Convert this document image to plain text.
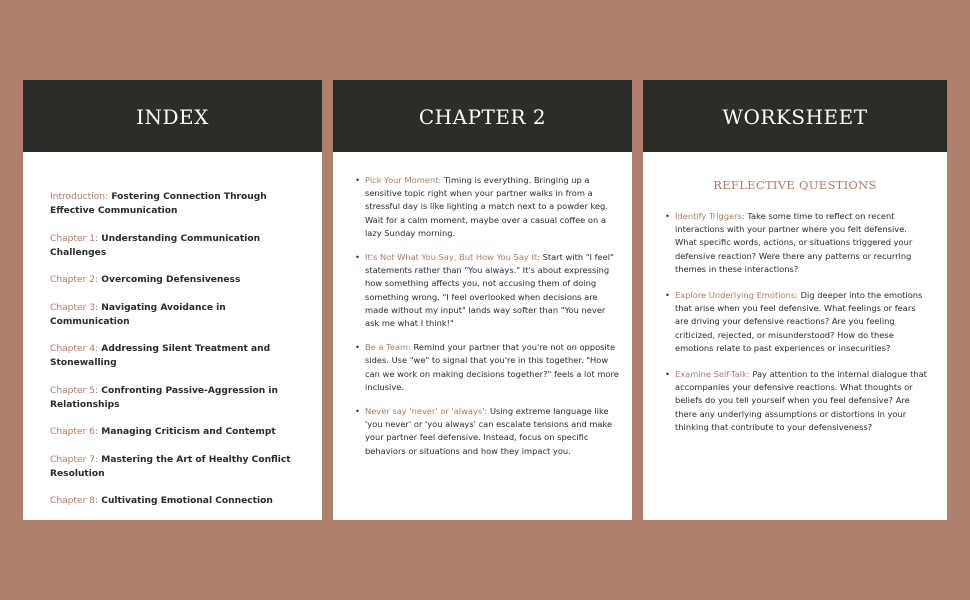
INDEX
Introduction: Fostering Connection Through Effective Communication
Chapter 1: Understanding Communication Challenges
Chapter 2: Overcoming Defensiveness
Chapter 3: Navigating Avoidance in Communication
Chapter 4: Addressing Silent Treatment and Stonewalling
Chapter 5: Confronting Passive-Aggression in Relationships
Chapter 6: Managing Criticism and Contempt
Chapter 7: Mastering the Art of Healthy Conflict Resolution
Chapter 8: Cultivating Emotional Connection
CHAPTER 2
• Pick Your Moment: Timing is everything. Bringing up a sensitive topic right when your partner walks in from a stressful day is like lighting a match next to a powder keg. Wait for a calm moment, maybe over a casual coffee on a lazy Sunday morning.
• It's Not What You Say, But How You Say It: Start with "I feel" statements rather than "You always." It's about expressing how something affects you, not accusing them of doing something wrong. "I feel overlooked when decisions are made without my input" lands way softer than "You never ask me what I think!"
• Be a Team: Remind your partner that you're not on opposite sides. Use "we" to signal that you're in this together. "How can we work on making decisions together?" feels a lot more inclusive.
• Never say 'never' or 'always': Using extreme language like 'you never' or 'you always' can escalate tensions and make your partner feel defensive. Instead, focus on specific behaviors or situations and how they impact you.
WORKSHEET
REFLECTIVE QUESTIONS
• Identify Triggers: Take some time to reflect on recent interactions with your partner where you felt defensive. What specific words, actions, or situations triggered your defensive reaction? Were there any patterns or recurring themes in these interactions?
• Explore Underlying Emotions: Dig deeper into the emotions that arise when you feel defensive. What feelings or fears are driving your defensive reactions? Are you feeling criticized, rejected, or misunderstood? How do these emotions relate to past experiences or insecurities?
• Examine Self-Talk: Pay attention to the internal dialogue that accompanies your defensive reactions. What thoughts or beliefs do you tell yourself when you feel defensive? Are there any underlying assumptions or distortions in your thinking that contribute to your defensiveness?
